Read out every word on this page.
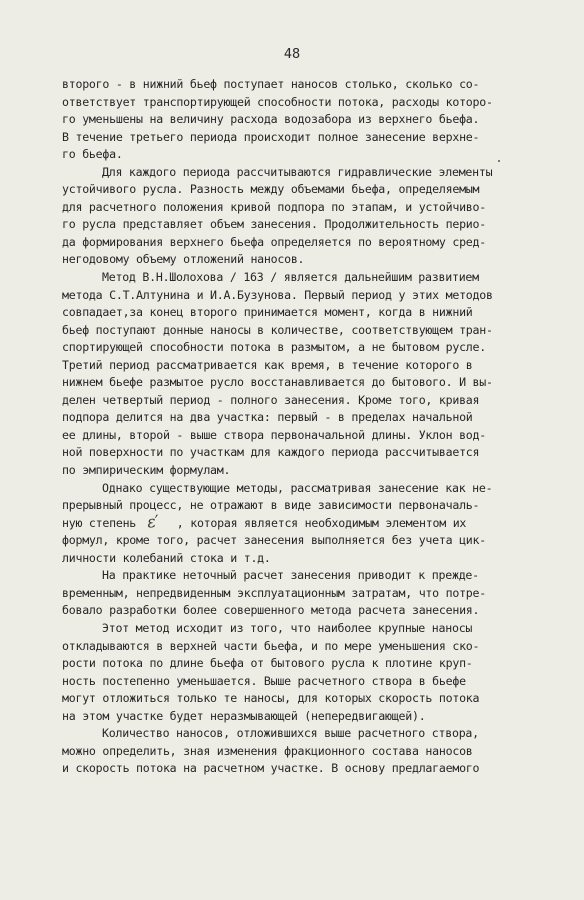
48
второго - в нижний бьеф поступает наносов столько, сколько со-
ответствует транспортирующей способности потока, расходы которо-
го уменьшены на величину расхода водозабора из верхнего бьефа.
В течение третьего периода происходит полное занесение верхне-
го бьефа.
Для каждого периода рассчитываются гидравлические элементы
устойчивого русла. Разность между объемами бьефа, определяемым
для расчетного положения кривой подпора по этапам, и устойчиво-
го русла представляет объем занесения. Продолжительность перио-
да формирования верхнего бьефа определяется по вероятному сред-
негодовому объему отложений наносов.
Метод В.Н.Шолохова / 163 / является дальнейшим развитием
метода С.Т.Алтунина и И.А.Бузунова. Первый период у этих методов
совпадает,за конец второго принимается момент, когда в нижний
бьеф поступают донные наносы в количестве, соответствующем тран-
спортирующей способности потока в размытом, а не бытовом русле.
Третий период рассматривается как время, в течение которого в
нижнем бьефе размытое русло восстанавливается до бытового. И вы-
делен четвертый период - полного занесения. Кроме того, кривая
подпора делится на два участка: первый - в пределах начальной
ее длины, второй - выше створа первоначальной длины. Уклон вод-
ной поверхности по участкам для каждого периода рассчитывается
по эмпирическим формулам.
Однако существующие методы, рассматривая занесение как не-
прерывный процесс, не отражают в виде зависимости первоначаль-
ную степень ε′ , которая является необходимым элементом их
формул, кроме того, расчет занесения выполняется без учета цик-
личности колебаний стока и т.д.
На практике неточный расчет занесения приводит к прежде-
временным, непредвиденным эксплуатационным затратам, что потре-
бовало разработки более совершенного метода расчета занесения.
Этот метод исходит из того, что наиболее крупные наносы
откладываются в верхней части бьефа, и по мере уменьшения ско-
рости потока по длине бьефа от бытового русла к плотине круп-
ность постепенно уменьшается. Выше расчетного створа в бьефе
могут отложиться только те наносы, для которых скорость потока
на этом участке будет неразмывающей (непередвигающей).
Количество наносов, отложившихся выше расчетного створа,
можно определить, зная изменения фракционного состава наносов
и скорость потока на расчетном участке. В основу предлагаемого
